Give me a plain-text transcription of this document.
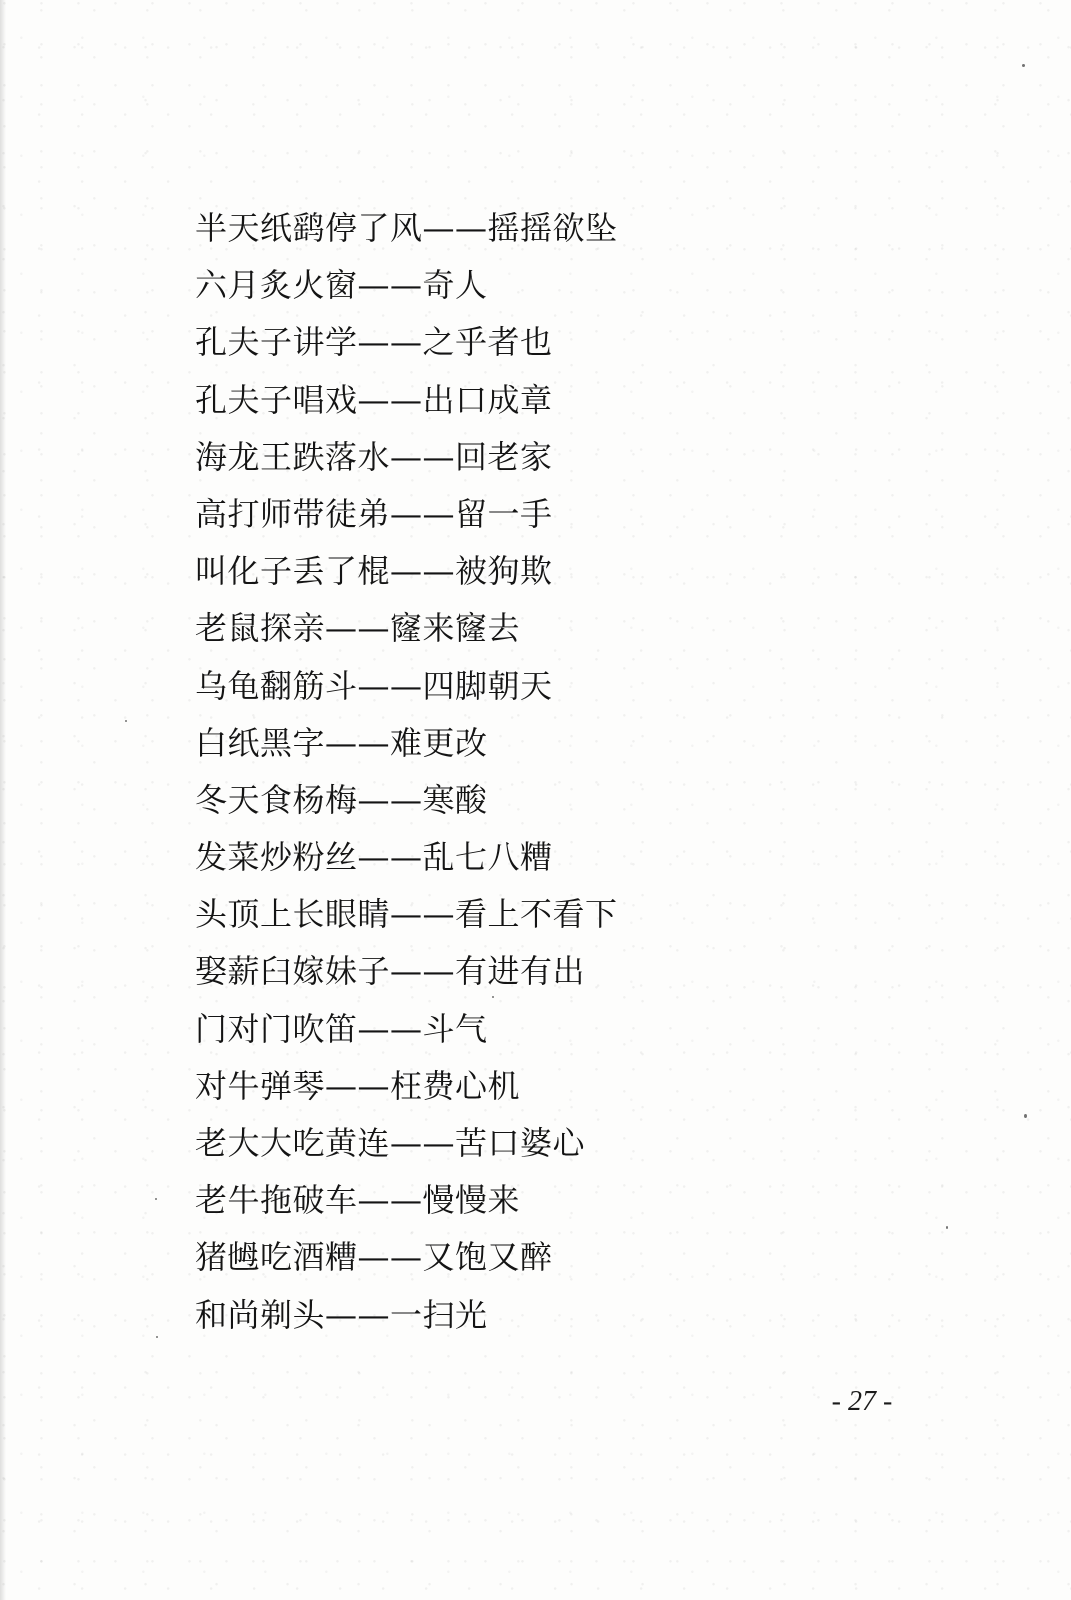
半天纸鹞停了风——摇摇欲坠
六月炙火窗——奇人
孔夫子讲学——之乎者也
孔夫子唱戏——出口成章
海龙王跌落水——回老家
高打师带徒弟——留一手
叫化子丢了棍——被狗欺
老鼠探亲——窿来窿去
乌龟翻筋斗——四脚朝天
白纸黑字——难更改
冬天食杨梅——寒酸
发菜炒粉丝——乱七八糟
头顶上长眼睛——看上不看下
娶薪臼嫁妹子——有进有出
门对门吹笛——斗气
对牛弹琴——枉费心机
老大大吃黄连——苦口婆心
老牛拖破车——慢慢来
猪乸吃酒糟——又饱又醉
和尚剃头——一扫光
- 27 -
